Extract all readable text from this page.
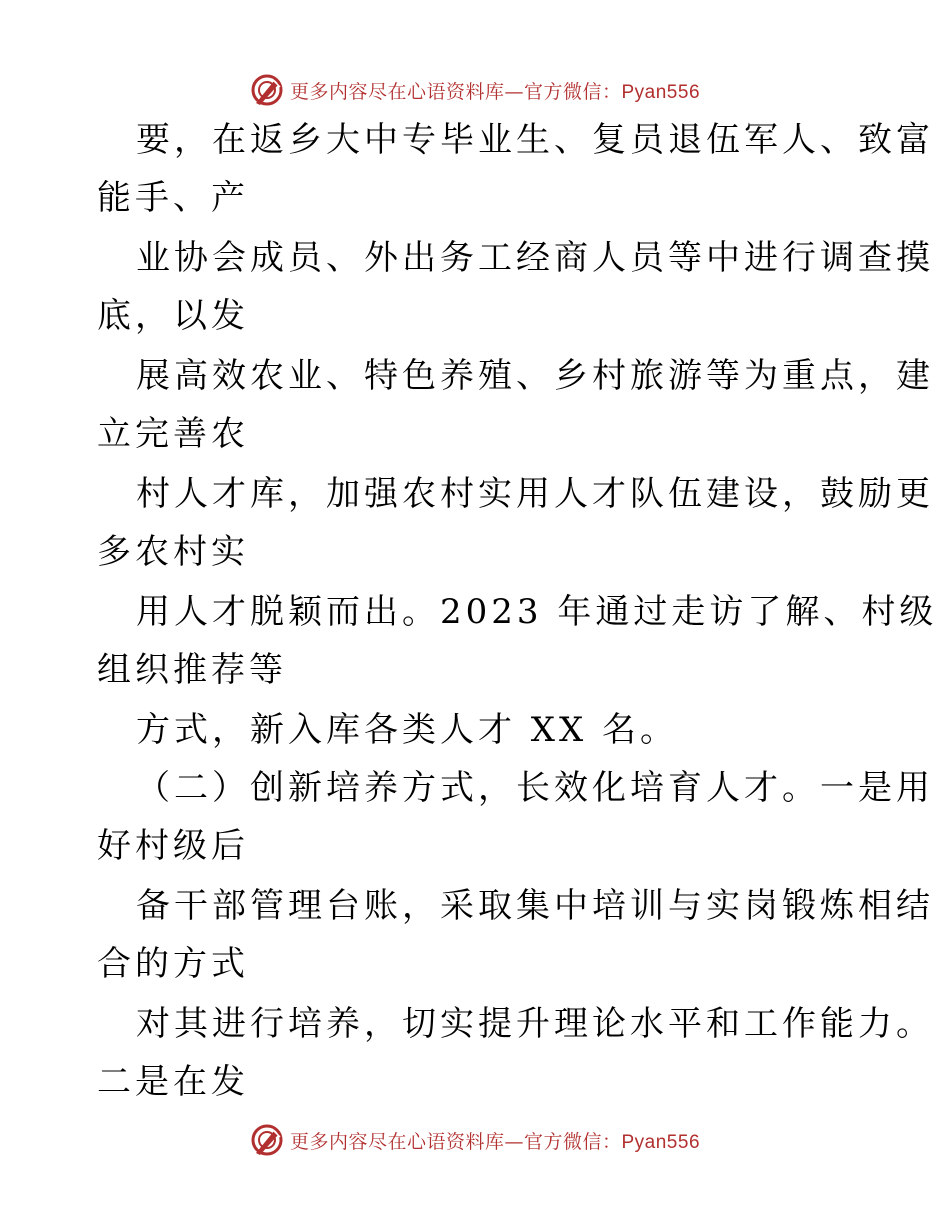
更多内容尽在心语资料库—官方微信：Pyan556
要，在返乡大中专毕业生、复员退伍军人、致富
能手、产
业协会成员、外出务工经商人员等中进行调查摸
底，以发
展高效农业、特色养殖、乡村旅游等为重点，建
立完善农
村人才库，加强农村实用人才队伍建设，鼓励更
多农村实
用人才脱颖而出。2023 年通过走访了解、村级
组织推荐等
方式，新入库各类人才 XX 名。
（二）创新培养方式，长效化培育人才。一是用
好村级后
备干部管理台账，采取集中培训与实岗锻炼相结
合的方式
对其进行培养，切实提升理论水平和工作能力。
二是在发
更多内容尽在心语资料库—官方微信：Pyan556
